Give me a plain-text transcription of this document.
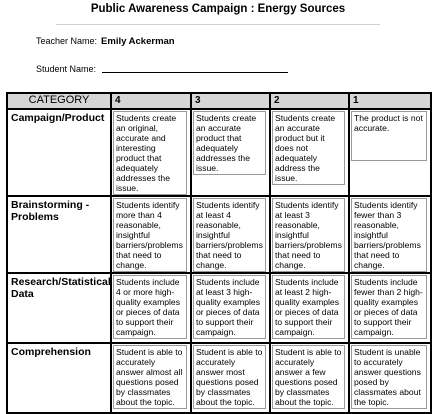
Public Awareness Campaign : Energy Sources
Teacher Name: Emily Ackerman
Student Name:
CATEGORY	4	3	2	1

Campaign/Product	Students create an original, accurate and interesting product that adequately addresses the issue.	Students create an accurate product that adequately addresses the issue.	Students create an accurate product but it does not adequately address the issue.	The product is not accurate.

Brainstorming - Problems	Students identify more than 4 reasonable, insightful barriers/problems that need to change.	Students identify at least 4 reasonable, insightful barriers/problems that need to change.	Students identify at least 3 reasonable, insightful barriers/problems that need to change.	Students identify fewer than 3 reasonable, insightful barriers/problems that need to change.

Research/Statistical Data	Students include 4 or more high-quality examples or pieces of data to support their campaign.	Students include at least 3 high-quality examples or pieces of data to support their campaign.	Students include at least 2 high-quality examples or pieces of data to support their campaign.	Students include fewer than 2 high-quality examples or pieces of data to support their campaign.

Comprehension	Student is able to accurately answer almost all questions posed by classmates about the topic.	Student is able to accurately answer most questions posed by classmates about the topic.	Student is able to accurately answer a few questions posed by classmates about the topic.	Student is unable to accurately answer questions posed by classmates about the topic.
